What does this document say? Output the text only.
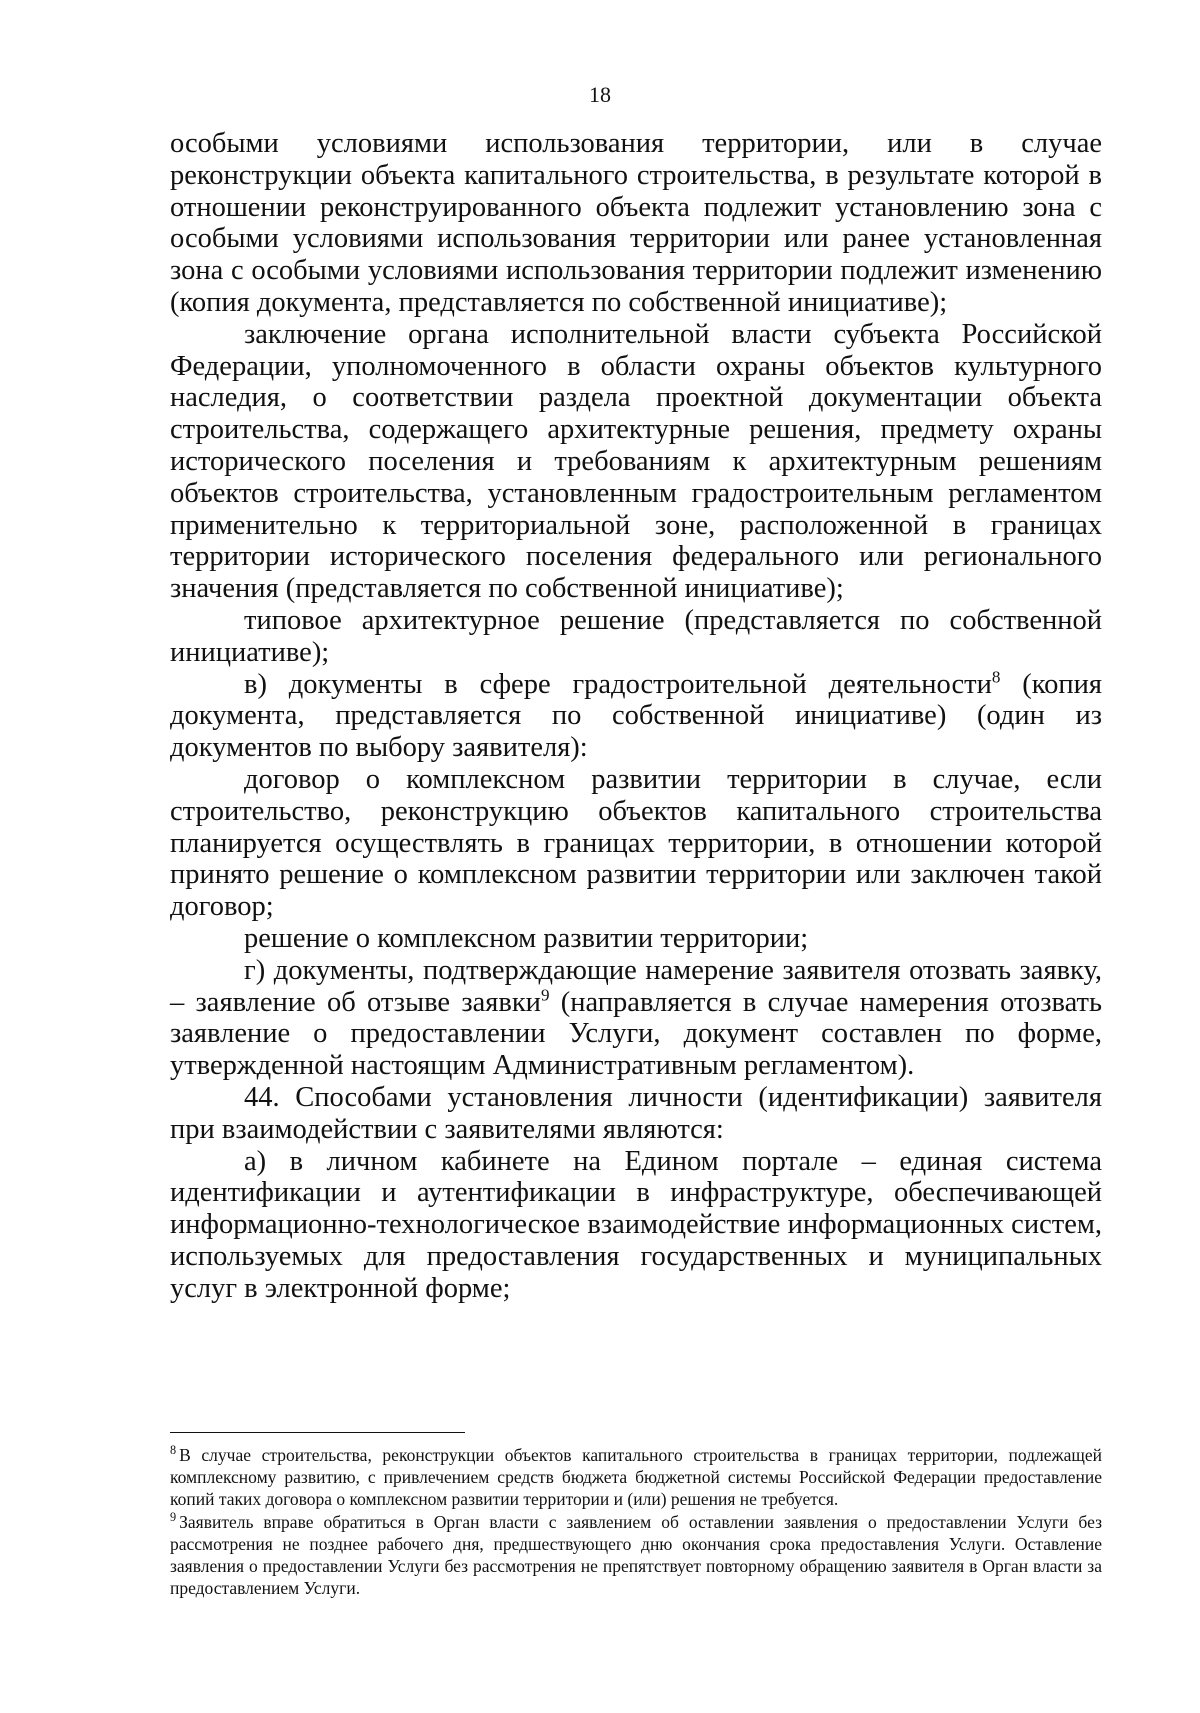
18

особыми условиями использования территории, или в случае реконструкции объекта капитального строительства, в результате которой в отношении реконструированного объекта подлежит установлению зона с особыми условиями использования территории или ранее установленная зона с особыми условиями использования территории подлежит изменению (копия документа, представляется по собственной инициативе);

заключение органа исполнительной власти субъекта Российской Федерации, уполномоченного в области охраны объектов культурного наследия, о соответствии раздела проектной документации объекта строительства, содержащего архитектурные решения, предмету охраны исторического поселения и требованиям к архитектурным решениям объектов строительства, установленным градостроительным регламентом применительно к территориальной зоне, расположенной в границах территории исторического поселения федерального или регионального значения (представляется по собственной инициативе);

типовое архитектурное решение (представляется по собственной инициативе);

в) документы в сфере градостроительной деятельности$^8$ (копия документа, представляется по собственной инициативе) (один из документов по выбору заявителя):

договор о комплексном развитии территории в случае, если строительство, реконструкцию объектов капитального строительства планируется осуществлять в границах территории, в отношении которой принято решение о комплексном развитии территории или заключен такой договор;

решение о комплексном развитии территории;

г) документы, подтверждающие намерение заявителя отозвать заявку, – заявление об отзыве заявки$^9$ (направляется в случае намерения отозвать заявление о предоставлении Услуги, документ составлен по форме, утвержденной настоящим Административным регламентом).

44. Способами установления личности (идентификации) заявителя при взаимодействии с заявителями являются:

а) в личном кабинете на Едином портале – единая система идентификации и аутентификации в инфраструктуре, обеспечивающей информационно-технологическое взаимодействие информационных систем, используемых для предоставления государственных и муниципальных услуг в электронной форме;

$^8$ В случае строительства, реконструкции объектов капитального строительства в границах территории, подлежащей комплексному развитию, с привлечением средств бюджета бюджетной системы Российской Федерации предоставление копий таких договора о комплексном развитии территории и (или) решения не требуется.

$^9$ Заявитель вправе обратиться в Орган власти с заявлением об оставлении заявления о предоставлении Услуги без рассмотрения не позднее рабочего дня, предшествующего дню окончания срока предоставления Услуги. Оставление заявления о предоставлении Услуги без рассмотрения не препятствует повторному обращению заявителя в Орган власти за предоставлением Услуги.
